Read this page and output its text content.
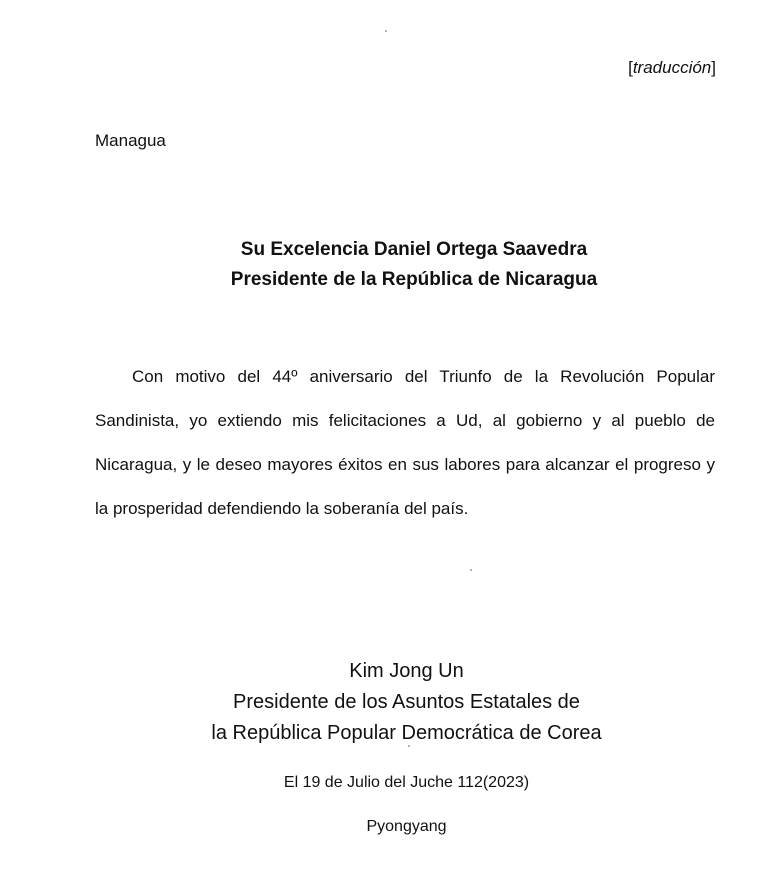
[traducción]
Managua
Su Excelencia Daniel Ortega Saavedra
Presidente de la República de Nicaragua

Con motivo del 44º aniversario del Triunfo de la Revolución Popular Sandinista, yo extiendo mis felicitaciones a Ud, al gobierno y al pueblo de Nicaragua, y le deseo mayores éxitos en sus labores para alcanzar el progreso y la prosperidad defendiendo la soberanía del país.

Kim Jong Un
Presidente de los Asuntos Estatales de
la República Popular Democrática de Corea
El 19 de Julio del Juche 112(2023)
Pyongyang
